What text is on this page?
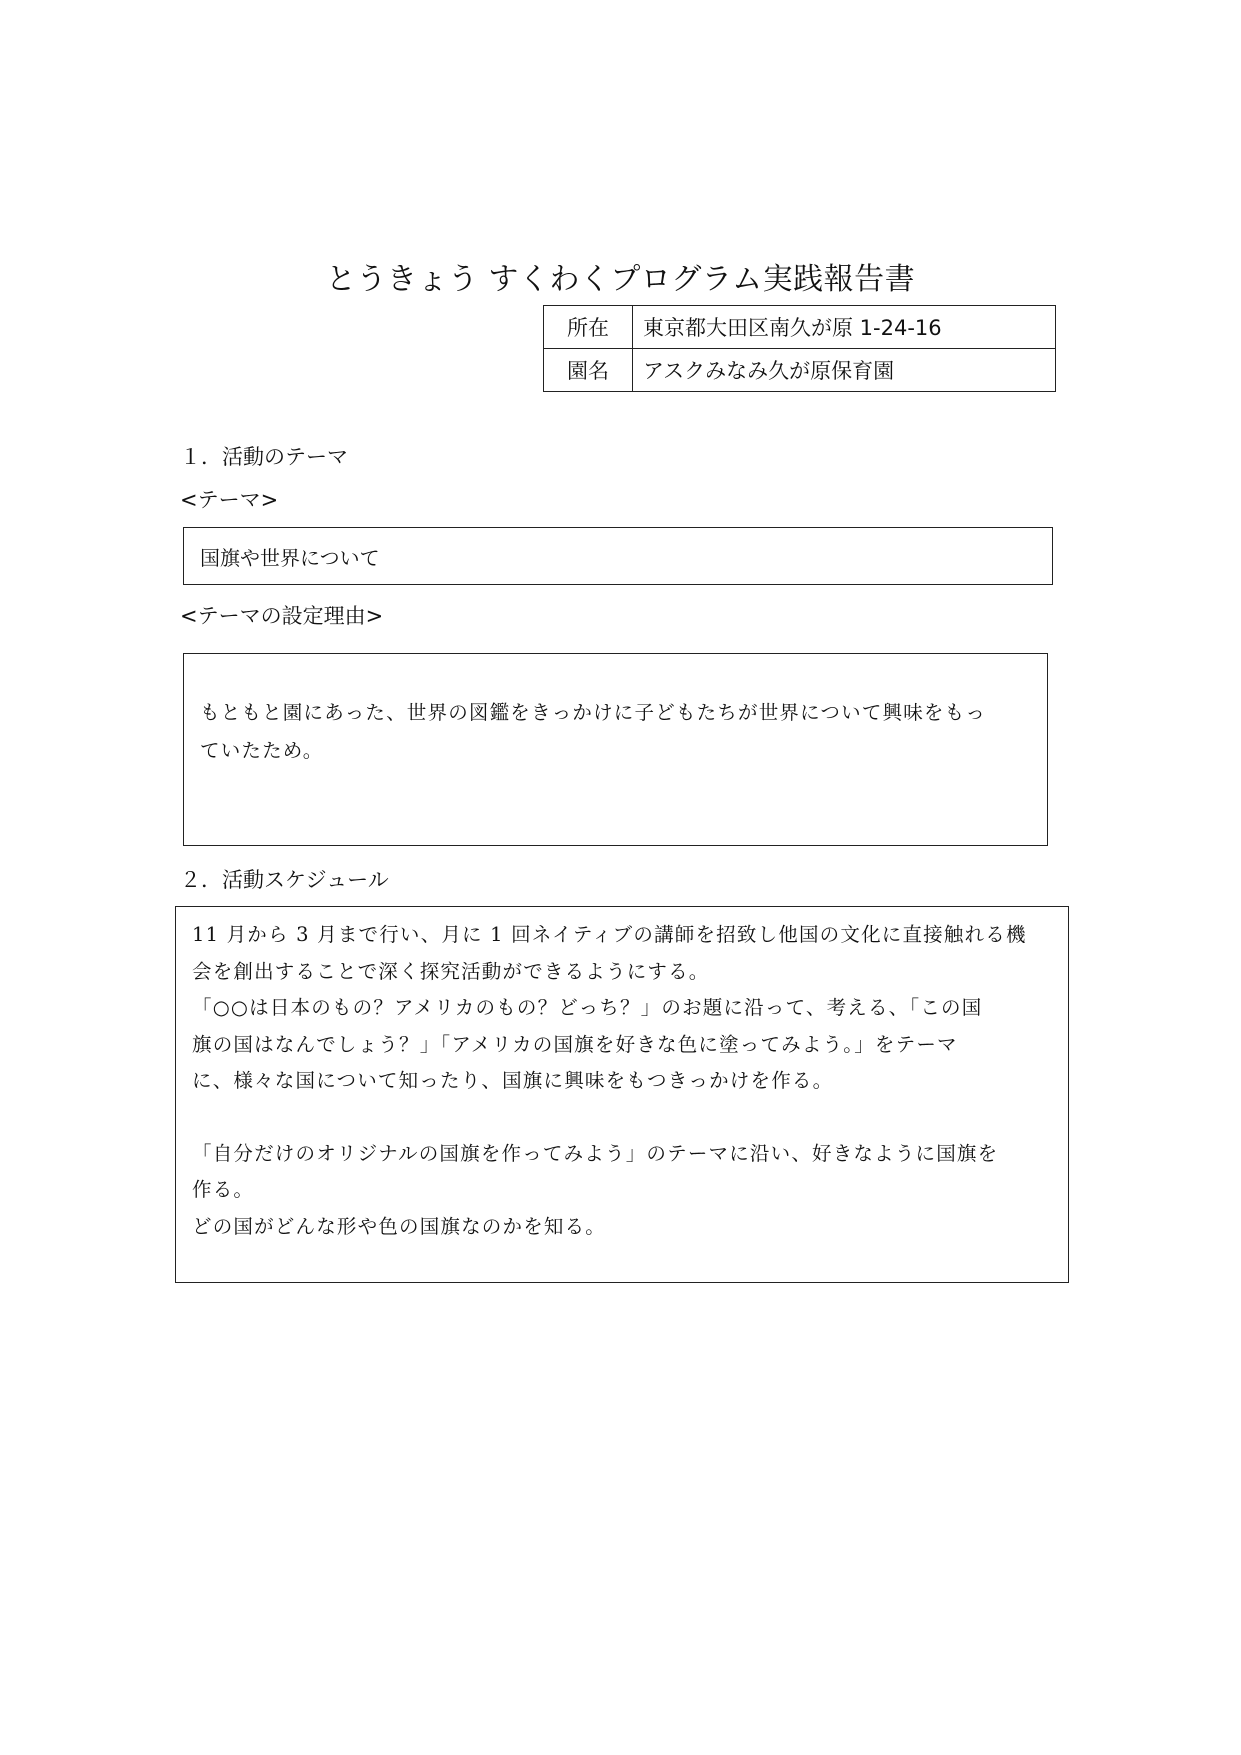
とうきょう すくわくプログラム実践報告書
所在	東京都大田区南久が原 1-24-16
園名	アスクみなみ久が原保育園
１．活動のテーマ
<テーマ>
国旗や世界について
<テーマの設定理由>
もともと園にあった、世界の図鑑をきっかけに子どもたちが世界について興味をもっ
ていたため。
２．活動スケジュール
11 月から 3 月まで行い、月に 1 回ネイティブの講師を招致し他国の文化に直接触れる機
会を創出することで深く探究活動ができるようにする。
「○○は日本のもの？アメリカのもの？どっち？」のお題に沿って、考える、「この国
旗の国はなんでしょう？」「アメリカの国旗を好きな色に塗ってみよう。」をテーマ
に、様々な国について知ったり、国旗に興味をもつきっかけを作る。
「自分だけのオリジナルの国旗を作ってみよう」のテーマに沿い、好きなように国旗を
作る。
どの国がどんな形や色の国旗なのかを知る。
